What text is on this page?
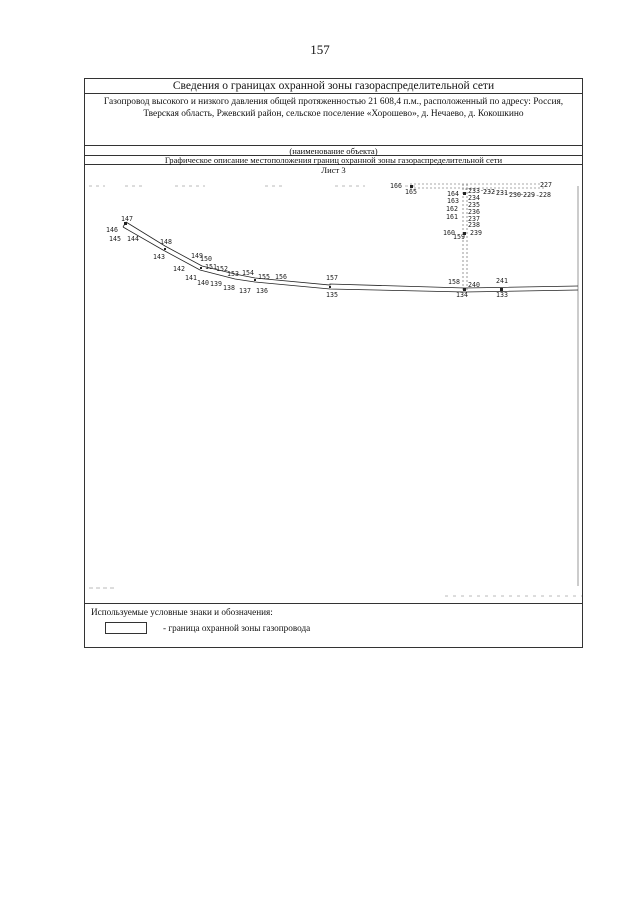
157
Сведения о границах охранной зоны газораспределительной сети
Газопровод высокого и низкого давления общей протяженностью 21 608,4 п.м., расположенный по адресу: Россия, Тверская область, Ржевский район, сельское поселение «Хорошево», д. Нечаево, д. Кокошкино
(наименование объекта)
Графическое описание местоположения границ охранной зоны газораспределительной сети
Лист 3
147
146
145 144	148
143	149
150
142	151 152
141	153 154
140 139 138 137
155 156
136
157
135
158 240
134
241
133
165
166	227
228
229
230
231
232
164 233
234
163 235
162 236
161 237
238
160
159 239
Используемые условные знаки и обозначения:
- граница охранной зоны газопровода
